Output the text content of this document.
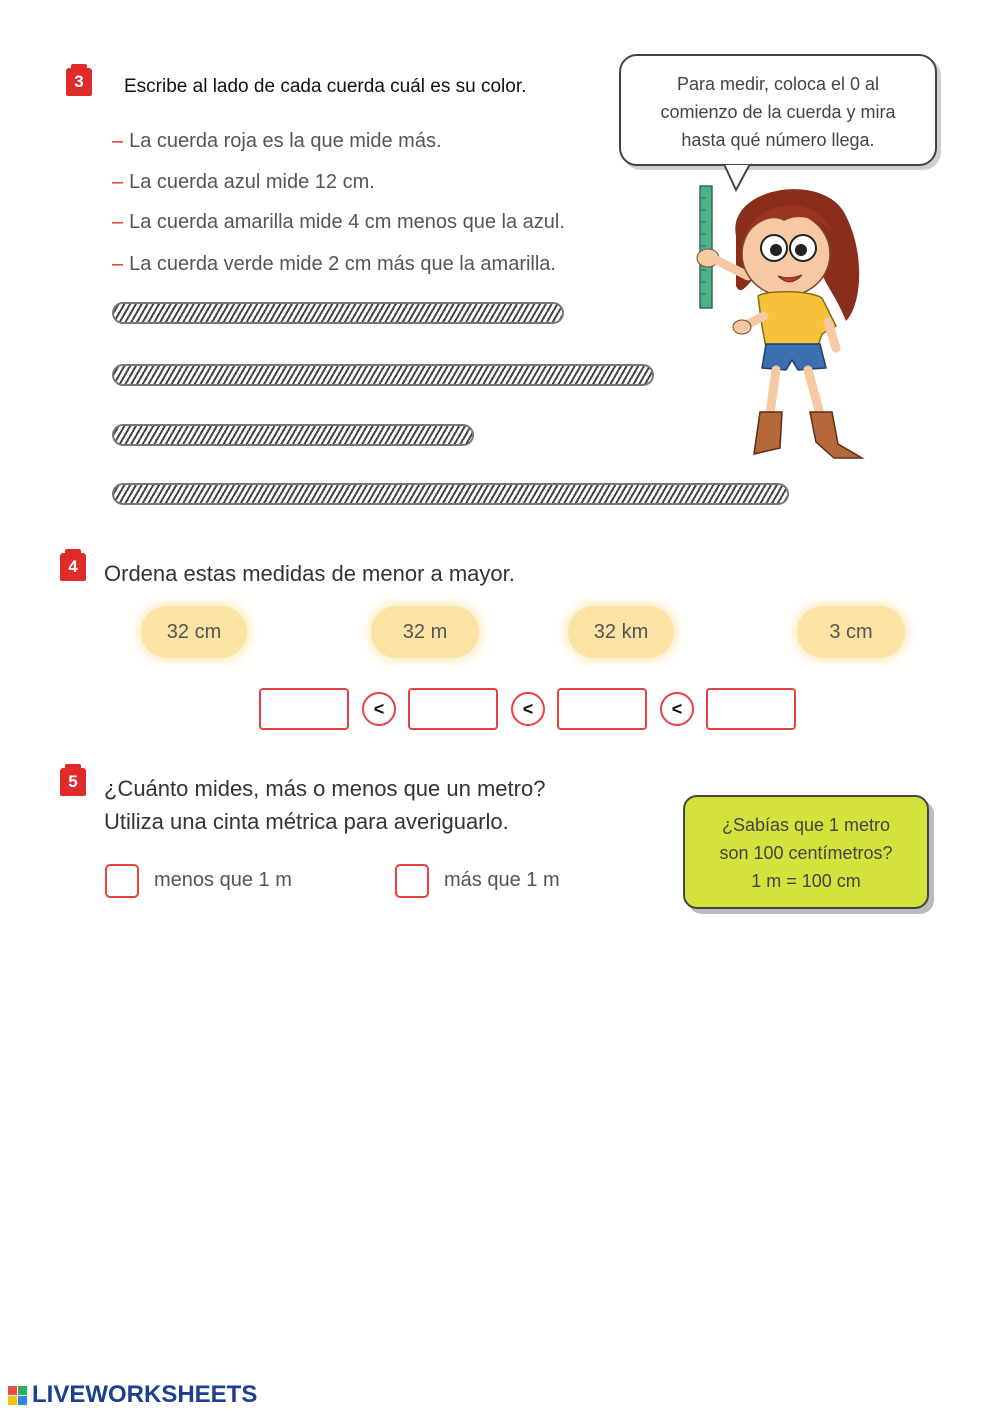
3	Escribe al lado de cada cuerda cuál es su color.
– La cuerda roja es la que mide más.
– La cuerda azul mide 12 cm.
– La cuerda amarilla mide 4 cm menos que la azul.
– La cuerda verde mide 2 cm más que la amarilla.
Para medir, coloca el 0 al
comienzo de la cuerda y mira
hasta qué número llega.
4	Ordena estas medidas de menor a mayor.
32 cm	32 m	32 km	3 cm
<	<	<
5	¿Cuánto mides, más o menos que un metro?
Utiliza una cinta métrica para averiguarlo.
menos que 1 m	más que 1 m
¿Sabías que 1 metro
son 100 centímetros?
1 m = 100 cm
LIVEWORKSHEETS
